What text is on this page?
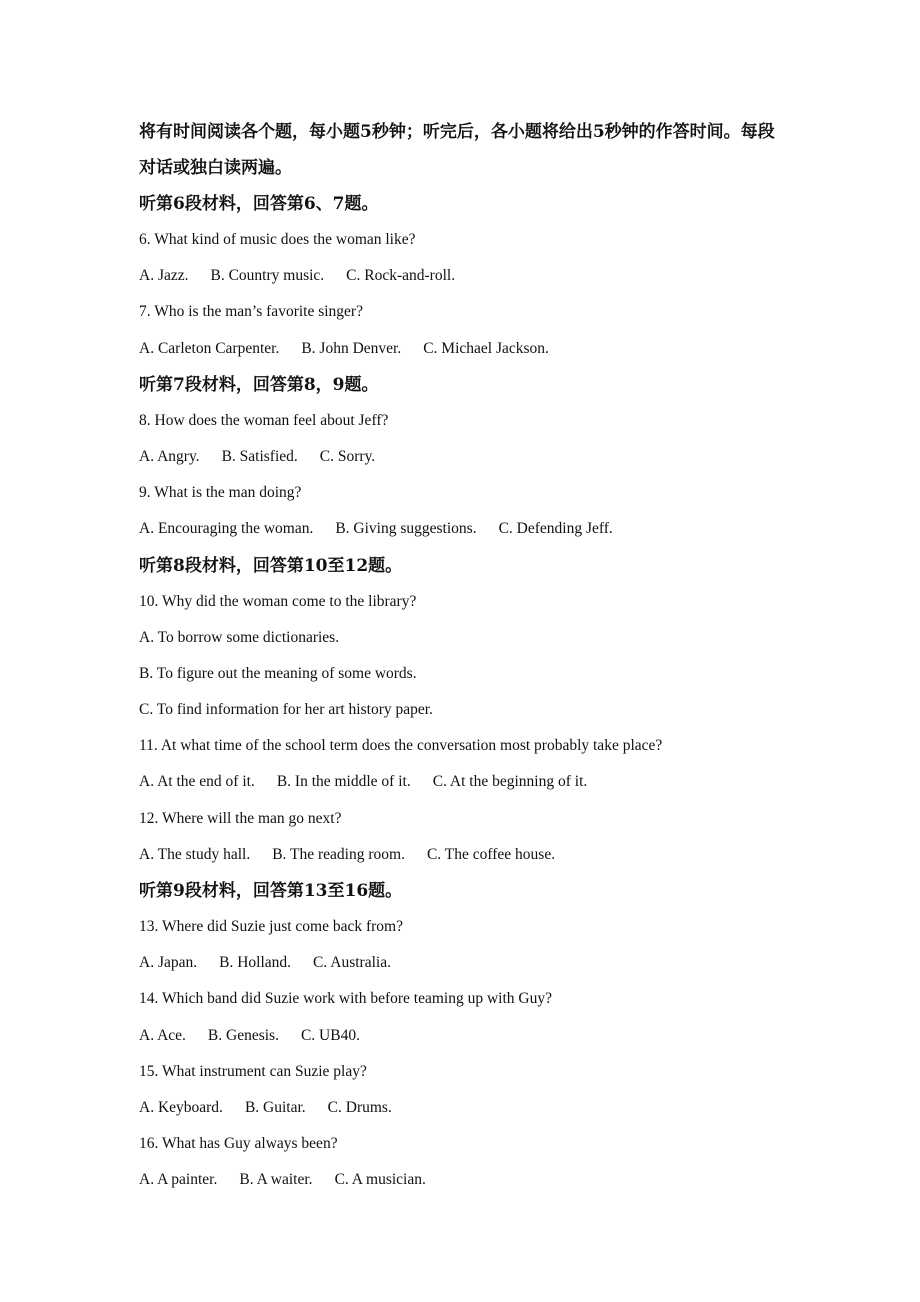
将有时间阅读各个题，每小题5秒钟；听完后，各小题将给出5秒钟的作答时间。每段对话或独白读两遍。

听第6段材料，回答第6、7题。

6. What kind of music does the woman like?

A. Jazz. B. Country music. C. Rock-and-roll.

7. Who is the man’s favorite singer?

A. Carleton Carpenter. B. John Denver. C. Michael Jackson.

听第7段材料，回答第8，9题。

8. How does the woman feel about Jeff?

A. Angry. B. Satisfied. C. Sorry.

9. What is the man doing?

A. Encouraging the woman. B. Giving suggestions. C. Defending Jeff.

听第8段材料，回答第10至12题。

10. Why did the woman come to the library?

A. To borrow some dictionaries.

B. To figure out the meaning of some words.

C. To find information for her art history paper.

11. At what time of the school term does the conversation most probably take place?

A. At the end of it. B. In the middle of it. C. At the beginning of it.

12. Where will the man go next?

A. The study hall. B. The reading room. C. The coffee house.

听第9段材料，回答第13至16题。

13. Where did Suzie just come back from?

A. Japan. B. Holland. C. Australia.

14. Which band did Suzie work with before teaming up with Guy?

A. Ace. B. Genesis. C. UB40.

15. What instrument can Suzie play?

A. Keyboard. B. Guitar. C. Drums.

16. What has Guy always been?

A. A painter. B. A waiter. C. A musician.
